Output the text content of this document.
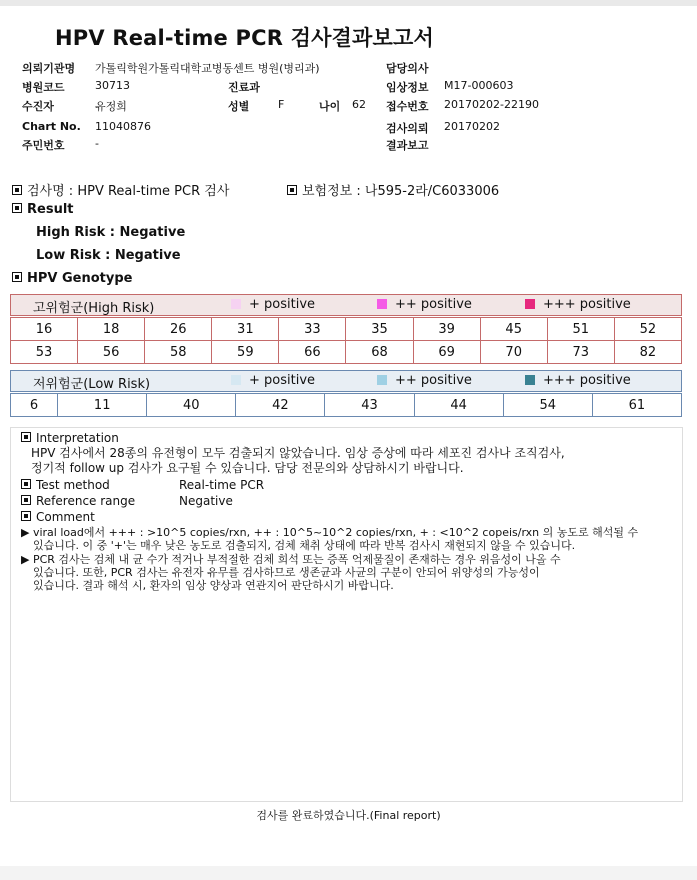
HPV Real-time PCR 검사결과보고서
의뢰기관명 가톨릭학원가톨릭대학교병동센트 병원(병리과)	담당의사
병원코드	30713	진료과	임상정보 M17-000603
수진자	유정희	성별	F	나이 62 접수번호 20170202-22190
Chart No. 11040876	검사의뢰 20170202
주민번호	-	결과보고
검사명 : HPV Real-time PCR 검사	보험정보 : 나595-2라/C6033006
Result
High Risk : Negative
Low Risk : Negative
HPV Genotype
고위험군(High Risk)	+ positive	++ positive	+++ positive
16	18	26	31	33	35	39	45	51	52
53	56	58	59	66	68	69	70	73	82
저위험군(Low Risk)	+ positive	++ positive	+++ positive
6	11	40	42	43	44	54	61
Interpretation
HPV 검사에서 28종의 유전형이 모두 검출되지 않았습니다. 임상 증상에 따라 세포진 검사나 조직검사,
정기적 follow up 검사가 요구될 수 있습니다. 담당 전문의와 상담하시기 바랍니다.
Test method	Real-time PCR
Reference range	Negative
Comment
▶ viral load에서 +++ : >10^5 copies/rxn, ++ : 10^5~10^2 copies/rxn, + : <10^2 copeis/rxn 의 농도로 해석될 수
있습니다. 이 중 '+'는 매우 낮은 농도로 검출되지, 검체 채취 상태에 따라 반복 검사시 재현되지 않을 수 있습니다.
▶ PCR 검사는 검체 내 균 수가 적거나 부적절한 검체 희석 또는 증폭 억제물질이 존재하는 경우 위음성이 나올 수
있습니다. 또한, PCR 검사는 유전자 유무를 검사하므로 생존균과 사균의 구분이 안되어 위양성의 가능성이
있습니다. 결과 해석 시, 환자의 임상 양상과 연관지어 판단하시기 바랍니다.
검사를 완료하였습니다.(Final report)
